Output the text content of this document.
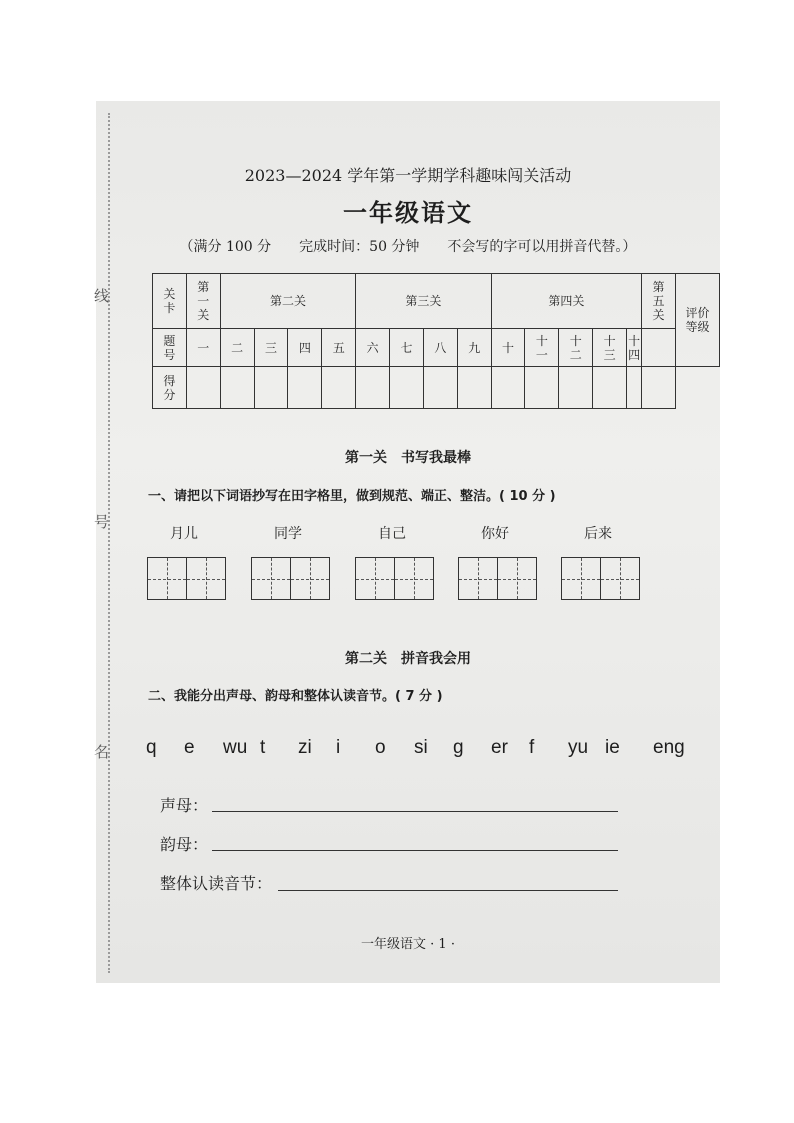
线
号
名
2023—2024 学年第一学期学科趣味闯关活动
一年级语文
（满分 100 分　　完成时间：50 分钟　　不会写的字可以用拼音代替。）
关卡	第一关	第二关				第三关				第四关					第五关	评价等级

题号	一	二	三	四	五	六	七	八	九	十	十一	十二	十三	十四		

得分																

第一关　书写我最棒
一、请把以下词语抄写在田字格里，做到规范、端正、整洁。( 10 分 )
月儿	同学	自己	你好	后来
第二关　拼音我会用
二、我能分出声母、韵母和整体认读音节。( 7 分 )
q e wu t zi i o si g er f yu ie eng
声母：
韵母：
整体认读音节：
一年级语文 · 1 ·
